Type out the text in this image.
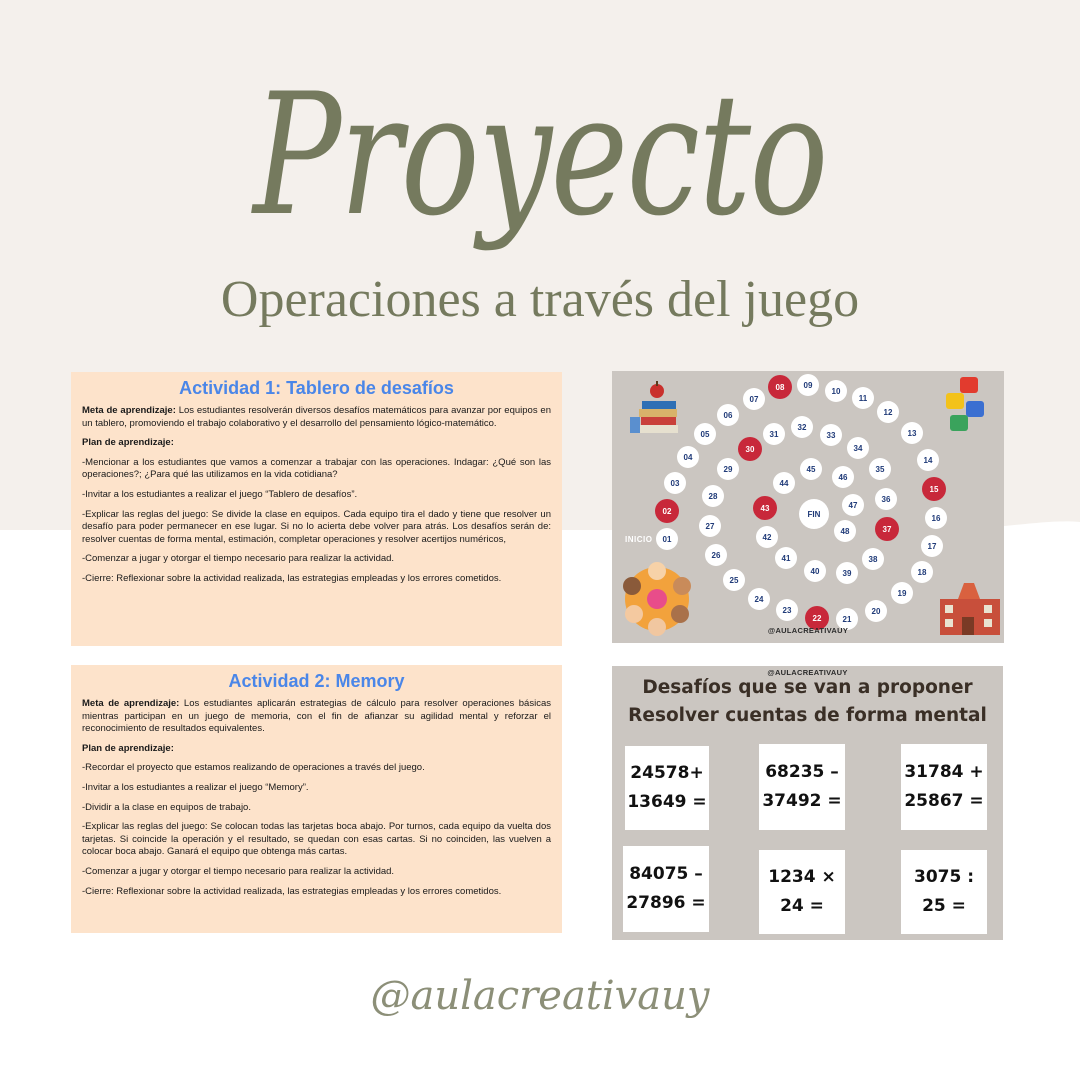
Proyecto
Operaciones a través del juego
Actividad 1: Tablero de desafíos

Meta de aprendizaje: Los estudiantes resolverán diversos desafíos matemáticos para avanzar por equipos en un tablero, promoviendo el trabajo colaborativo y el desarrollo del pensamiento lógico-matemático.

Plan de aprendizaje:

-Mencionar a los estudiantes que vamos a comenzar a trabajar con las operaciones. Indagar: ¿Qué son las operaciones?; ¿Para qué las utilizamos en la vida cotidiana?

-Invitar a los estudiantes a realizar el juego “Tablero de desafíos”.

-Explicar las reglas del juego: Se divide la clase en equipos. Cada equipo tira el dado y tiene que resolver un desafío para poder permanecer en ese lugar. Si no lo acierta debe volver para atrás. Los desafíos serán de: resolver cuentas de forma mental, estimación, completar operaciones y resolver acertijos numéricos,

-Comenzar a jugar y otorgar el tiempo necesario para realizar la actividad.

-Cierre: Reflexionar sobre la actividad realizada, las estrategias empleadas y los errores cometidos.

Actividad 2: Memory

Meta de aprendizaje: Los estudiantes aplicarán estrategias de cálculo para resolver operaciones básicas mientras participan en un juego de memoria, con el fin de afianzar su agilidad mental y reforzar el reconocimiento de resultados equivalentes.

Plan de aprendizaje:

-Recordar el proyecto que estamos realizando de operaciones a través del juego.

-Invitar a los estudiantes a realizar el juego “Memory”.

-Dividir a la clase en equipos de trabajo.

-Explicar las reglas del juego: Se colocan todas las tarjetas boca abajo. Por turnos, cada equipo da vuelta dos tarjetas. Si coincide la operación y el resultado, se quedan con esas cartas. Si no coinciden, las vuelven a colocar boca abajo. Ganará el equipo que obtenga más cartas.

-Comenzar a jugar y otorgar el tiempo necesario para realizar la actividad.

-Cierre: Reflexionar sobre la actividad realizada, las estrategias empleadas y los errores cometidos.

01
02
03
04
05
06
07
08 09
10
11
12
13
14
15
16
17
18
19
20
21
22
23
24
25
26
27
28
29
30
31
32
33
34
35
36
37
38
39
40
41
42
43
44
45
46
47
48
FIN
INICIO
@AULACREATIVAUY
@AULACREATIVAUY
Desafíos que se van a proponer
Resolver cuentas de forma mental
24578+
13649 =
68235 –
37492 =
31784 +
25867 =
84075 –
27896 =
1234 ×
24 =
3075 :
25 =
@aulacreativauy
